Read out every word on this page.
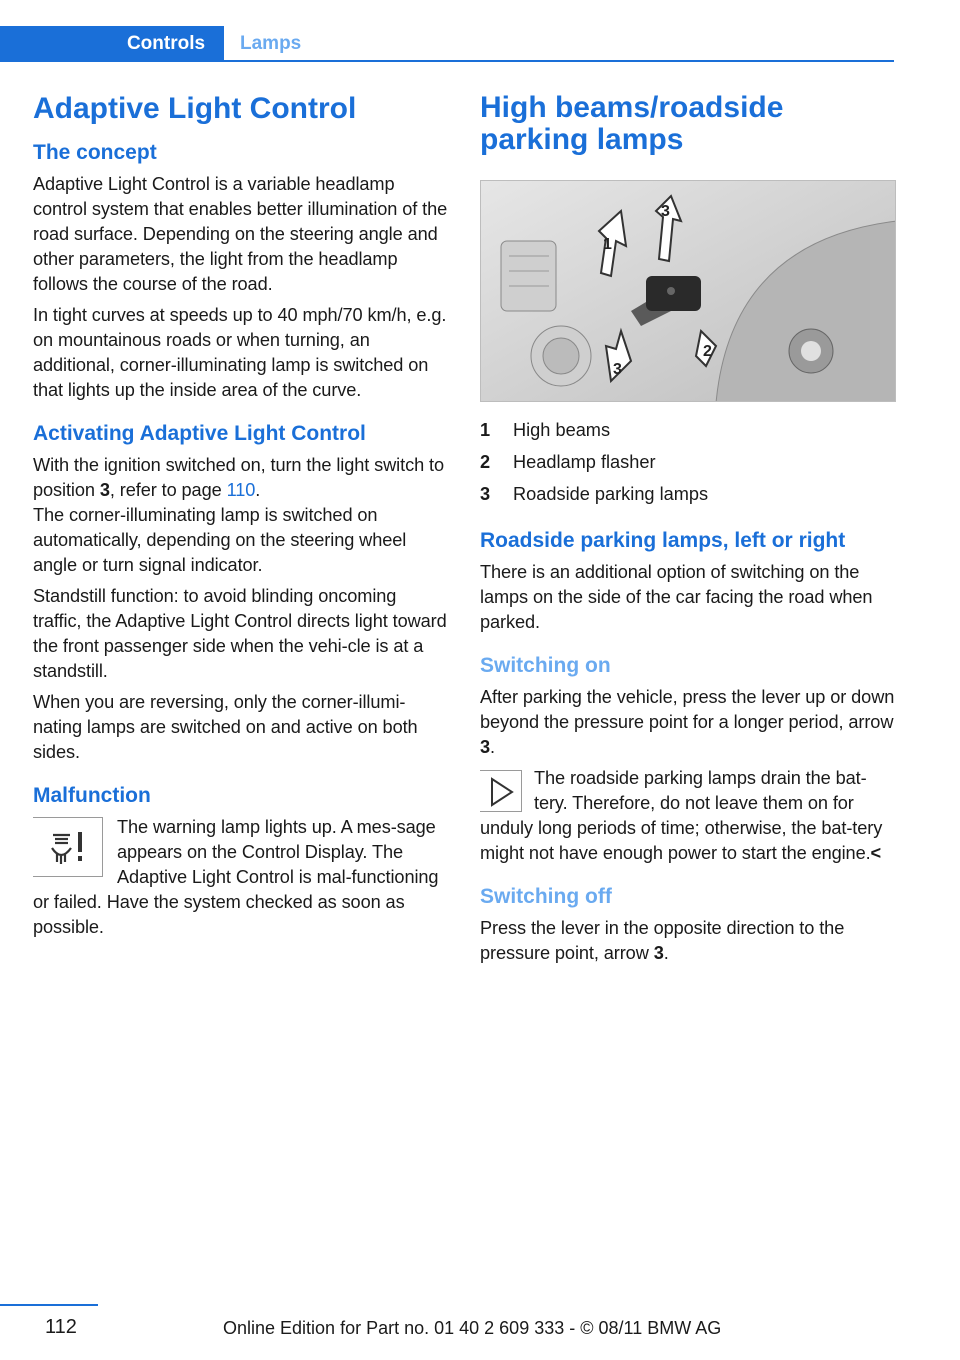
Controls	Lamps
Adaptive Light Control
The concept

Adaptive Light Control is a variable headlamp control system that enables better illumination of the road surface. Depending on the steering angle and other parameters, the light from the headlamp follows the course of the road.

In tight curves at speeds up to 40 mph/70 km/h, e.g. on mountainous roads or when turning, an additional, corner-illuminating lamp is switched on that lights up the inside area of the curve.

Activating Adaptive Light Control

With the ignition switched on, turn the light switch to position 3, refer to page 110.

The corner-illuminating lamp is switched on automatically, depending on the steering wheel angle or turn signal indicator.

Standstill function: to avoid blinding oncoming traffic, the Adaptive Light Control directs light toward the front passenger side when the vehi-cle is at a standstill.

When you are reversing, only the corner-illumi-nating lamps are switched on and active on both sides.

Malfunction

The warning lamp lights up. A mes-sage appears on the Control Display. The Adaptive Light Control is mal-functioning or failed. Have the system checked as soon as possible.

High beams/roadside parking lamps
1
3
3
2
1	High beams
2	Headlamp flasher
3	Roadside parking lamps
Roadside parking lamps, left or right

There is an additional option of switching on the lamps on the side of the car facing the road when parked.

Switching on

After parking the vehicle, press the lever up or down beyond the pressure point for a longer period, arrow 3.

The roadside parking lamps drain the bat-tery. Therefore, do not leave them on for unduly long periods of time; otherwise, the bat-tery might not have enough power to start the engine.<

Switching off

Press the lever in the opposite direction to the pressure point, arrow 3.

112	Online Edition for Part no. 01 40 2 609 333 - © 08/11 BMW AG
